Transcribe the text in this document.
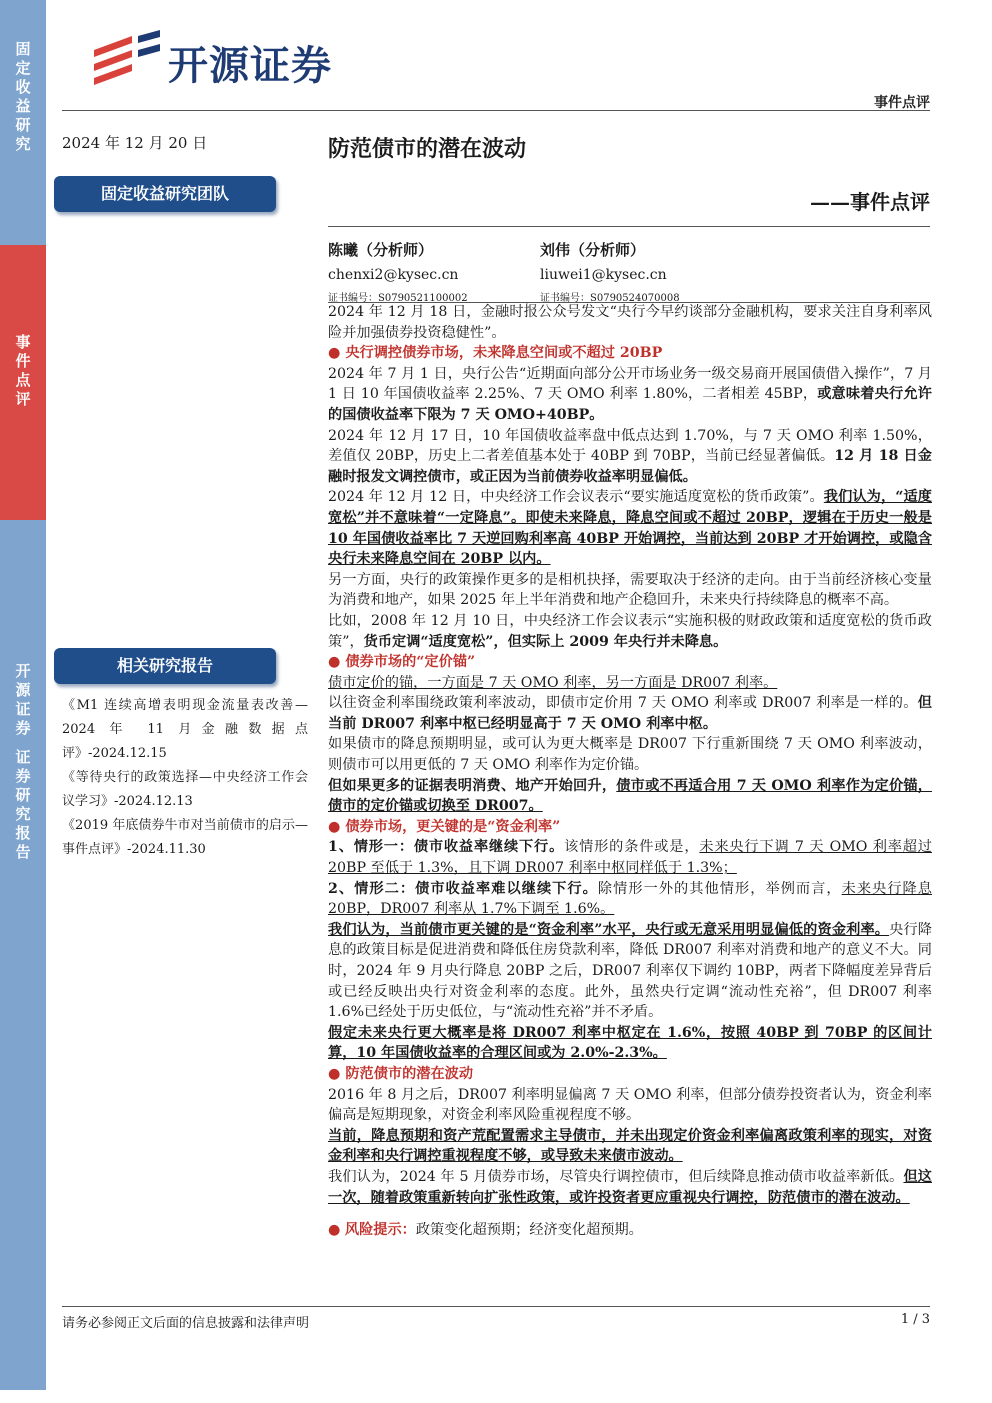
固
定
收
益
研
究
事
件
点
评
开
源
证
券
证
券
研
究
报
告
开源证券
事件点评
2024 年 12 月 20 日
固定收益研究团队
相关研究报告

《M1 连续高增表明现金流量表改善—2024 年 11 月金融数据点评》-2024.12.15

《等待央行的政策选择—中央经济工作会议学习》-2024.12.13

《2019 年底债券牛市对当前债市的启示—事件点评》-2024.11.30

防范债市的潜在波动
——事件点评
陈曦（分析师）
chenxi2@kysec.cn
证书编号：S0790521100002
刘伟（分析师）
liuwei1@kysec.cn
证书编号：S0790524070008

2024 年 12 月 18 日，金融时报公众号发文“央行今早约谈部分金融机构，要求关注自身利率风险并加强债券投资稳健性”。

● 央行调控债券市场，未来降息空间或不超过 20BP

2024 年 7 月 1 日，央行公告“近期面向部分公开市场业务一级交易商开展国债借入操作”，7 月 1 日 10 年国债收益率 2.25%、7 天 OMO 利率 1.80%，二者相差 45BP，或意味着央行允许的国债收益率下限为 7 天 OMO+40BP。

2024 年 12 月 17 日，10 年国债收益率盘中低点达到 1.70%，与 7 天 OMO 利率 1.50%，差值仅 20BP，历史上二者差值基本处于 40BP 到 70BP，当前已经显著偏低。12 月 18 日金融时报发文调控债市，或正因为当前债券收益率明显偏低。

2024 年 12 月 12 日，中央经济工作会议表示“要实施适度宽松的货币政策”。我们认为，“适度宽松”并不意味着“一定降息”。即使未来降息，降息空间或不超过 20BP，逻辑在于历史一般是 10 年国债收益率比 7 天逆回购利率高 40BP 开始调控，当前达到 20BP 才开始调控，或隐含央行未来降息空间在 20BP 以内。

另一方面，央行的政策操作更多的是相机抉择，需要取决于经济的走向。由于当前经济核心变量为消费和地产，如果 2025 年上半年消费和地产企稳回升，未来央行持续降息的概率不高。

比如，2008 年 12 月 10 日，中央经济工作会议表示“实施积极的财政政策和适度宽松的货币政策”，货币定调“适度宽松”，但实际上 2009 年央行并未降息。

● 债券市场的“定价锚”

债市定价的锚，一方面是 7 天 OMO 利率，另一方面是 DR007 利率。

以往资金利率围绕政策利率波动，即债市定价用 7 天 OMO 利率或 DR007 利率是一样的。但当前 DR007 利率中枢已经明显高于 7 天 OMO 利率中枢。

如果债市的降息预期明显，或可认为更大概率是 DR007 下行重新围绕 7 天 OMO 利率波动，则债市可以用更低的 7 天 OMO 利率作为定价锚。

但如果更多的证据表明消费、地产开始回升，债市或不再适合用 7 天 OMO 利率作为定价锚，债市的定价锚或切换至 DR007。

● 债券市场，更关键的是“资金利率”

1、情形一：债市收益率继续下行。该情形的条件或是，未来央行下调 7 天 OMO 利率超过 20BP 至低于 1.3%，且下调 DR007 利率中枢同样低于 1.3%；

2、情形二：债市收益率难以继续下行。除情形一外的其他情形，举例而言，未来央行降息 20BP，DR007 利率从 1.7%下调至 1.6%。

我们认为，当前债市更关键的是“资金利率”水平，央行或无意采用明显偏低的资金利率。央行降息的政策目标是促进消费和降低住房贷款利率，降低 DR007 利率对消费和地产的意义不大。同时，2024 年 9 月央行降息 20BP 之后，DR007 利率仅下调约 10BP，两者下降幅度差异背后或已经反映出央行对资金利率的态度。此外，虽然央行定调“流动性充裕”，但 DR007 利率 1.6%已经处于历史低位，与“流动性充裕”并不矛盾。

假定未来央行更大概率是将 DR007 利率中枢定在 1.6%，按照 40BP 到 70BP 的区间计算，10 年国债收益率的合理区间或为 2.0%-2.3%。

● 防范债市的潜在波动

2016 年 8 月之后，DR007 利率明显偏离 7 天 OMO 利率，但部分债券投资者认为，资金利率偏高是短期现象，对资金利率风险重视程度不够。

当前，降息预期和资产荒配置需求主导债市，并未出现定价资金利率偏离政策利率的现实，对资金利率和央行调控重视程度不够，或导致未来债市波动。

我们认为，2024 年 5 月债券市场，尽管央行调控债市，但后续降息推动债市收益率新低。但这一次，随着政策重新转向扩张性政策，或许投资者更应重视央行调控，防范债市的潜在波动。

● 风险提示：政策变化超预期；经济变化超预期。

请务必参阅正文后面的信息披露和法律声明	1 / 3
